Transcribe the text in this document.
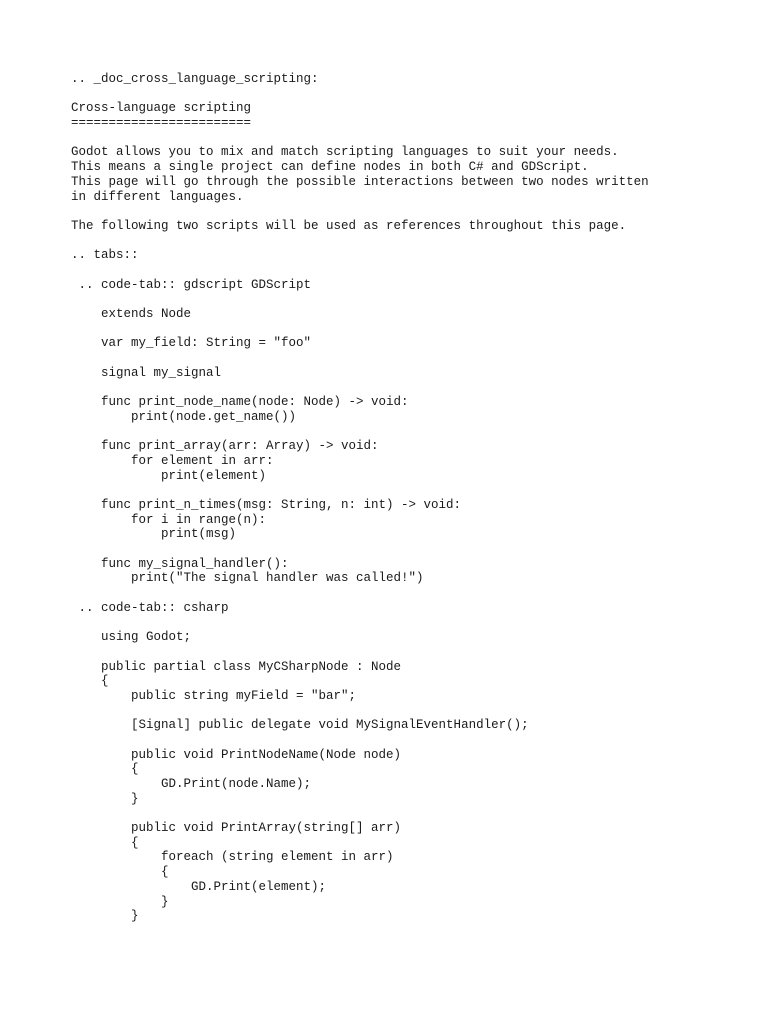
.. _doc_cross_language_scripting:
Cross-language scripting
========================
Godot allows you to mix and match scripting languages to suit your needs.
This means a single project can define nodes in both C# and GDScript.
This page will go through the possible interactions between two nodes written
in different languages.
The following two scripts will be used as references throughout this page.
.. tabs::
.. code-tab:: gdscript GDScript
extends Node
var my_field: String = "foo"
signal my_signal
func print_node_name(node: Node) -> void:
print(node.get_name())
func print_array(arr: Array) -> void:
for element in arr:
print(element)
func print_n_times(msg: String, n: int) -> void:
for i in range(n):
print(msg)
func my_signal_handler():
print("The signal handler was called!")
.. code-tab:: csharp
using Godot;
public partial class MyCSharpNode : Node
{
public string myField = "bar";
[Signal] public delegate void MySignalEventHandler();
public void PrintNodeName(Node node)
{
GD.Print(node.Name);
}
public void PrintArray(string[] arr)
{
foreach (string element in arr)
{
GD.Print(element);
}
}
